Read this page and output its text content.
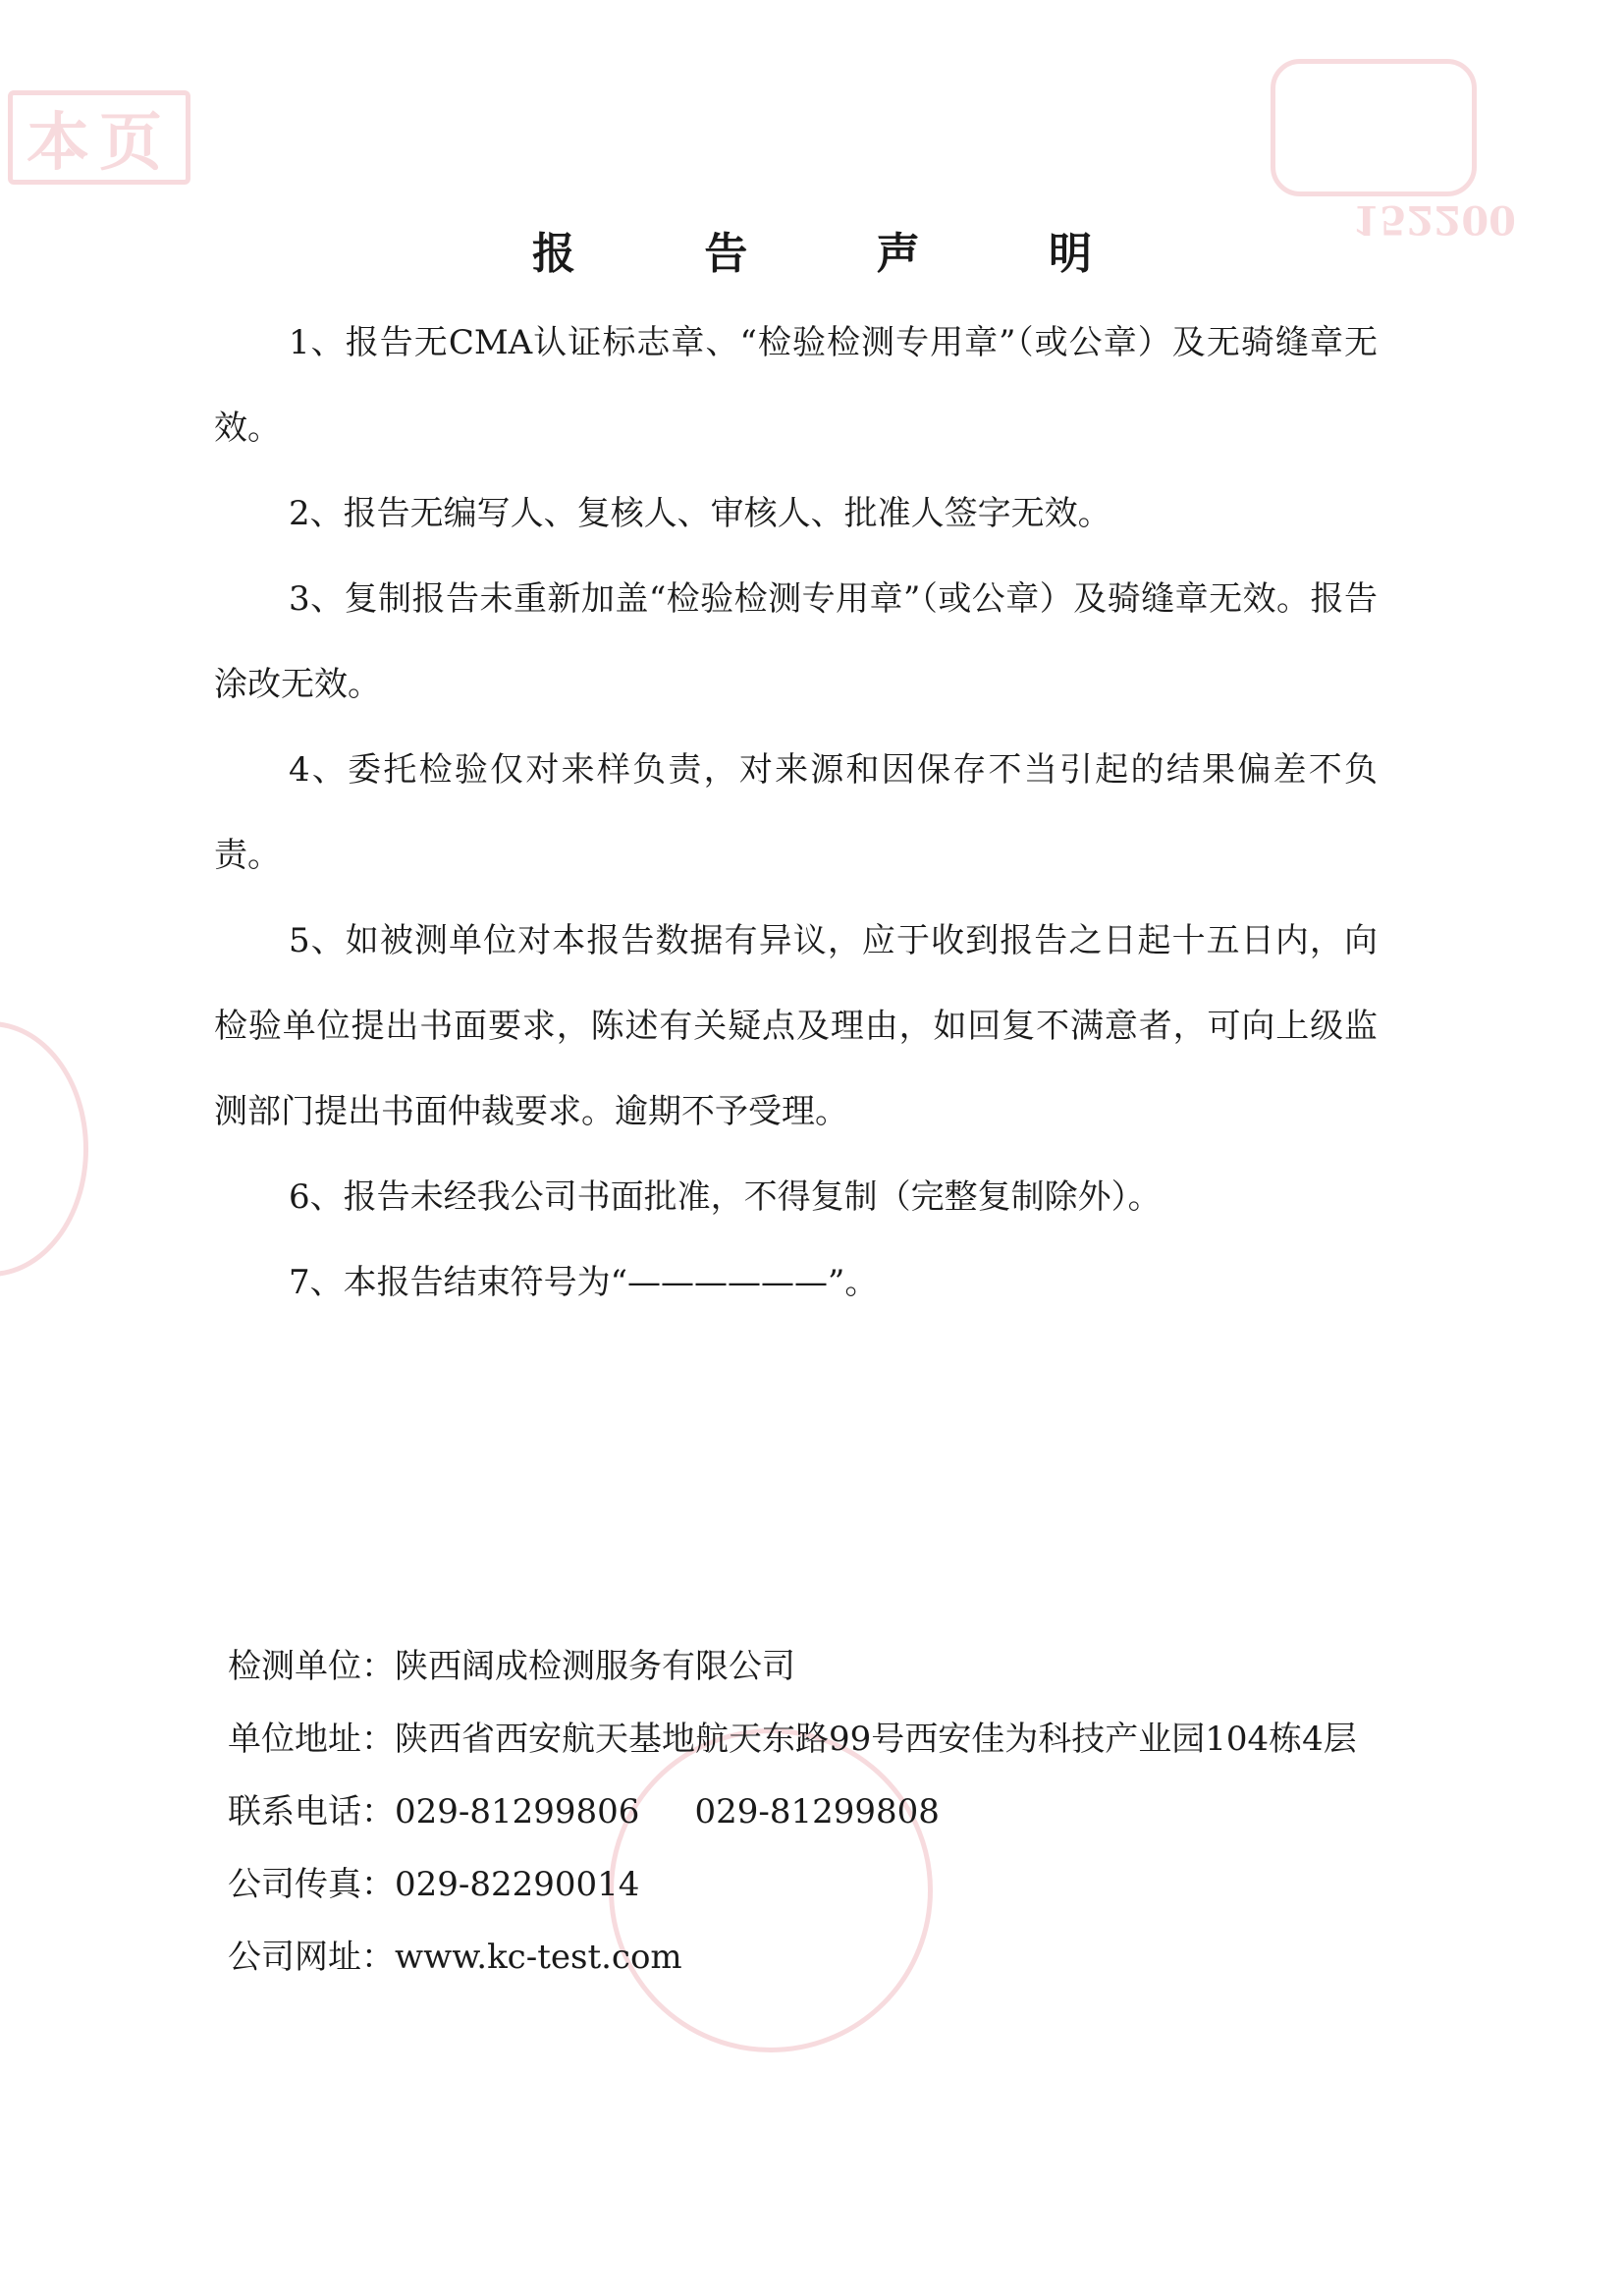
本页
152200
报 告 声 明

1、报告无CMA认证标志章、“检验检测专用章”（或公章）及无骑缝章无效。

2、报告无编写人、复核人、审核人、批准人签字无效。

3、复制报告未重新加盖“检验检测专用章”（或公章）及骑缝章无效。报告涂改无效。

4、委托检验仅对来样负责，对来源和因保存不当引起的结果偏差不负责。

5、如被测单位对本报告数据有异议，应于收到报告之日起十五日内，向检验单位提出书面要求，陈述有关疑点及理由，如回复不满意者，可向上级监测部门提出书面仲裁要求。逾期不予受理。

6、报告未经我公司书面批准，不得复制（完整复制除外）。

7、本报告结束符号为“——————”。

检测单位： 陕西阔成检测服务有限公司
单位地址： 陕西省西安航天基地航天东路99号西安佳为科技产业园104栋4层
联系电话： 029-81299806 029-81299808
公司传真： 029-82290014
公司网址： www.kc-test.com
